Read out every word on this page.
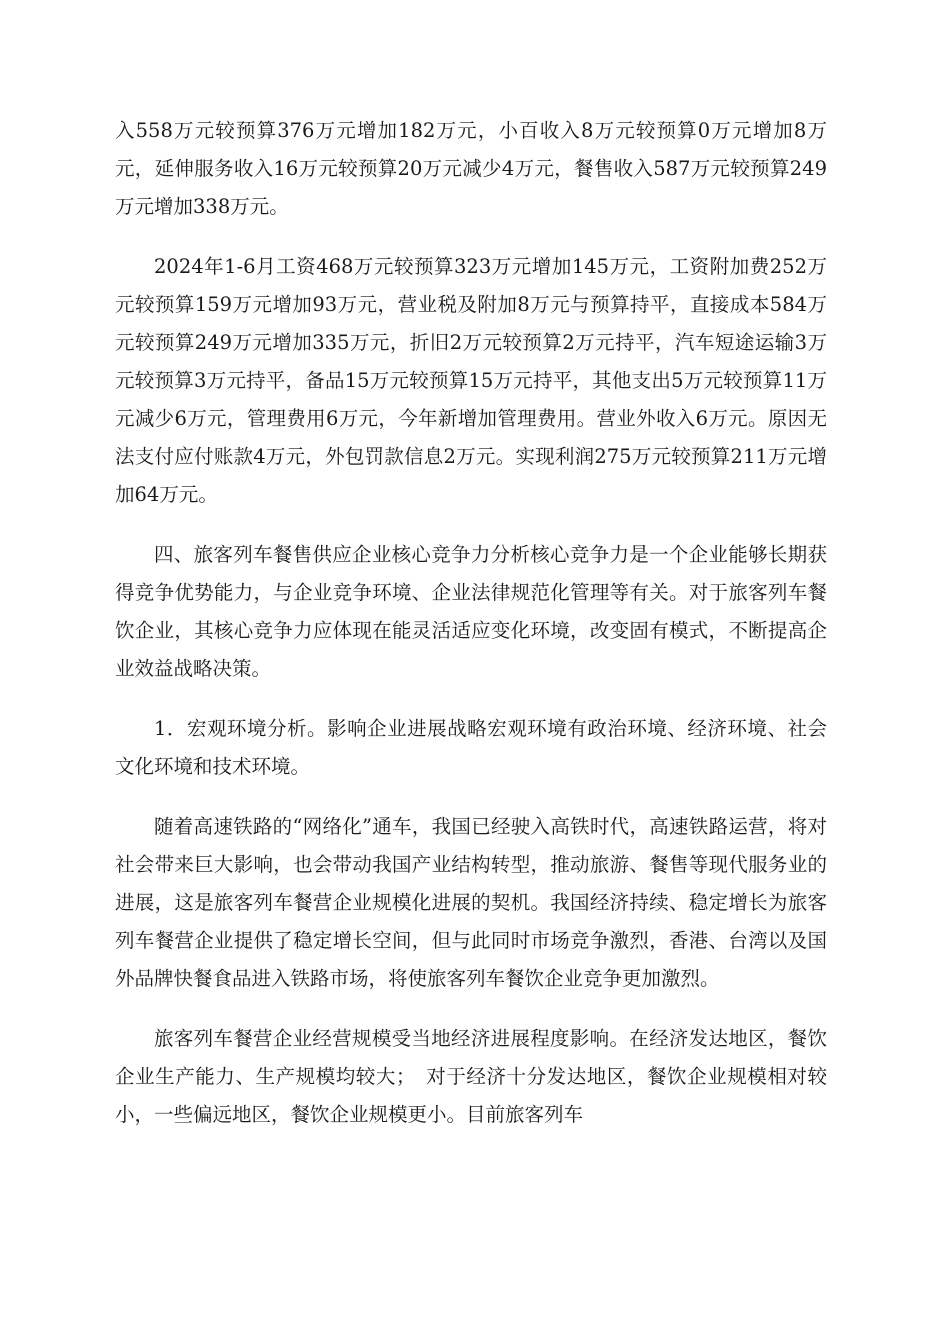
入558万元较预算376万元增加182万元，小百收入8万元较预算0万元增加8万元，延伸服务收入16万元较预算20万元减少4万元，餐售收入587万元较预算249万元增加338万元。

2024年1-6月工资468万元较预算323万元增加145万元，工资附加费252万元较预算159万元增加93万元，营业税及附加8万元与预算持平，直接成本584万元较预算249万元增加335万元，折旧2万元较预算2万元持平，汽车短途运输3万元较预算3万元持平，备品15万元较预算15万元持平，其他支出5万元较预算11万元减少6万元，管理费用6万元，今年新增加管理费用。营业外收入6万元。原因无法支付应付账款4万元，外包罚款信息2万元。实现利润275万元较预算211万元增加64万元。

四、旅客列车餐售供应企业核心竞争力分析核心竞争力是一个企业能够长期获得竞争优势能力，与企业竞争环境、企业法律规范化管理等有关。对于旅客列车餐饮企业，其核心竞争力应体现在能灵活适应变化环境，改变固有模式，不断提高企业效益战略决策。

1．宏观环境分析。影响企业进展战略宏观环境有政治环境、经济环境、社会文化环境和技术环境。

随着高速铁路的“网络化”通车，我国已经驶入高铁时代，高速铁路运营，将对社会带来巨大影响，也会带动我国产业结构转型，推动旅游、餐售等现代服务业的进展，这是旅客列车餐营企业规模化进展的契机。我国经济持续、稳定增长为旅客列车餐营企业提供了稳定增长空间，但与此同时市场竞争激烈，香港、台湾以及国外品牌快餐食品进入铁路市场，将使旅客列车餐饮企业竞争更加激烈。

旅客列车餐营企业经营规模受当地经济进展程度影响。在经济发达地区，餐饮企业生产能力、生产规模均较大；　对于经济十分发达地区，餐饮企业规模相对较小，一些偏远地区，餐饮企业规模更小。目前旅客列车
